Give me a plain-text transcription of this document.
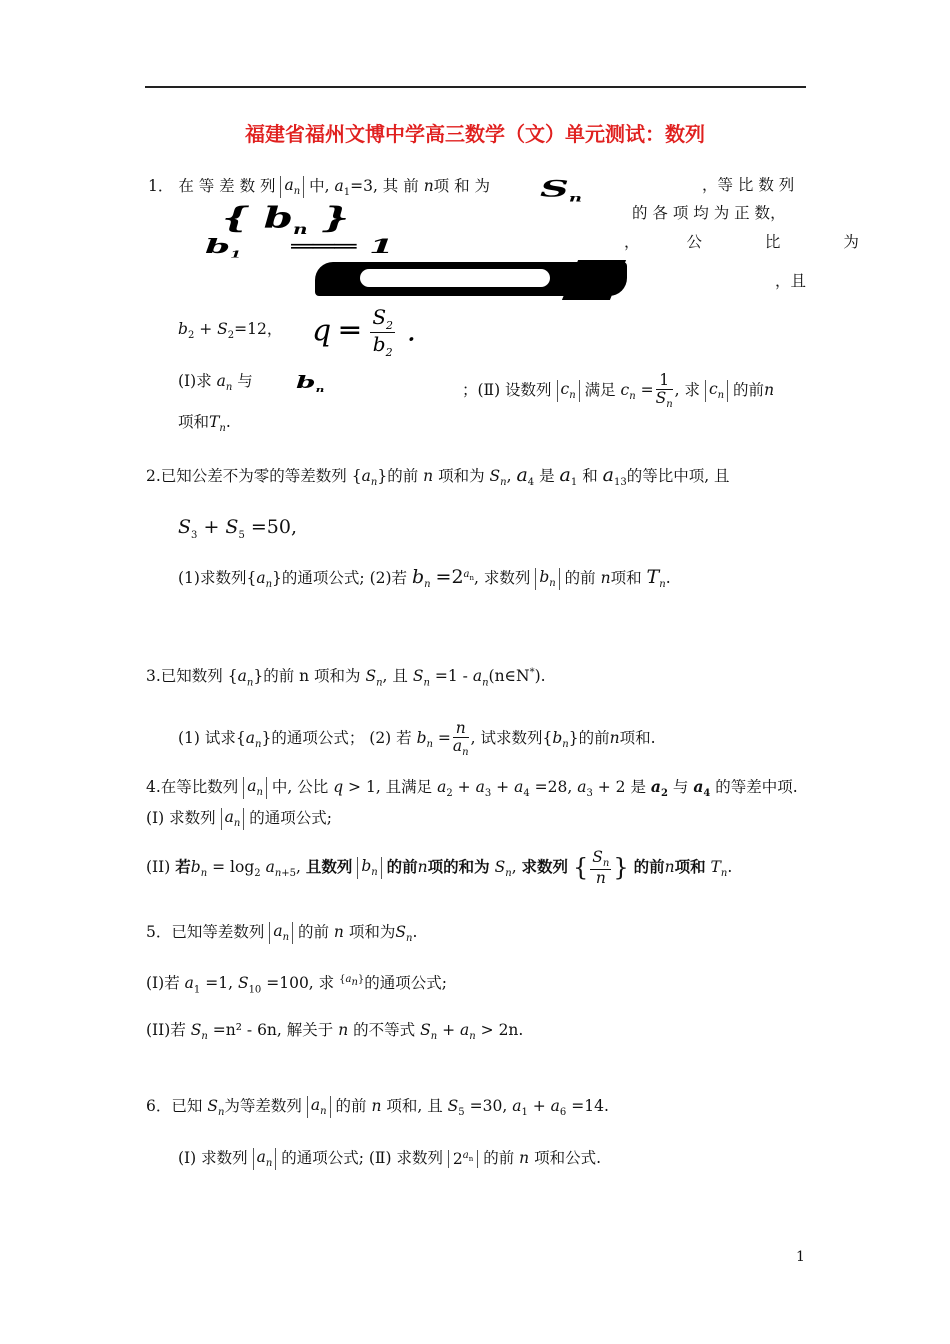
福建省福州文博中学高三数学（文）单元测试：数列
1． 在 等 差 数 列 $a_n$ 中, $a_1=3$, 其 前 n项 和 为 $S_n$
，等 比 数 列
{ $b_n$ }	的 各 项 均 为 正 数，
$b_1$    ═══ 1	，	公	比	为
，且
$b_2 + S_2=12$， q ═ $\frac{S_2}{b_2}$ .
(Ⅰ)求 $a_n$ 与 $b_n$	；(Ⅱ) 设数列 $c_n$ 满足 $c_n = \frac{1}{S_n}$ , 求 $c_n$ 的前n
项和$T_n$.
2.已知公差不为零的等差数列 $\{a_n\}$的前 n 项和为 $S_n$, $a_4$ 是 $a_1$ 和 $a_{13}$的等比中项, 且
$S_3 + S_5 =50$,
(1)求数列$\{a_n\}$的通项公式; (2)若 $b_n =2^{a_n}$, 求数列 $b_n$ 的前 n项和 $T_n$.
3.已知数列 $\{a_n\}$的前 n 项和为 $S_n$, 且 $S_n =1$ - $a_n(n\in N^*)$.
(1) 试求$\{a_n\}$的通项公式； (2) 若 $b_n = \frac{n}{a_n}$ , 试求数列$\{b_n\}$的前n项和.
4.在等比数列 $a_n$ 中, 公比 q > 1, 且满足 $a_2 + a_3 + a_4 =28$, $a_3 + 2$ 是 $a_2$ 与 $a_4$ 的等差中项.
(I) 求数列 $a_n$ 的通项公式;
(II) 若$b_n = \log_2 a_{n+5}$, 且数列 $b_n$ 的前n项的和为 $S_n$, 求数列 { $\frac{S_n}{n}$ } 的前n项和 $T_n$.
5．已知等差数列 $a_n$ 的前 n 项和为$S_n$.
(I)若 $a_1 =1$, $S_{10} =100$, 求 $^{\{a_n\}}$的通项公式;
(II)若 $S_n =n^2 - 6n$, 解关于 n 的不等式 $S_n + a_n > 2n$.
6．已知 $S_n$为等差数列 $a_n$ 的前 n 项和, 且 $S_5 =30$, $a_1 + a_6 =14$.
(Ⅰ) 求数列 $a_n$ 的通项公式; (Ⅱ) 求数列 $2^{a_n}$ 的前 n 项和公式.
1
